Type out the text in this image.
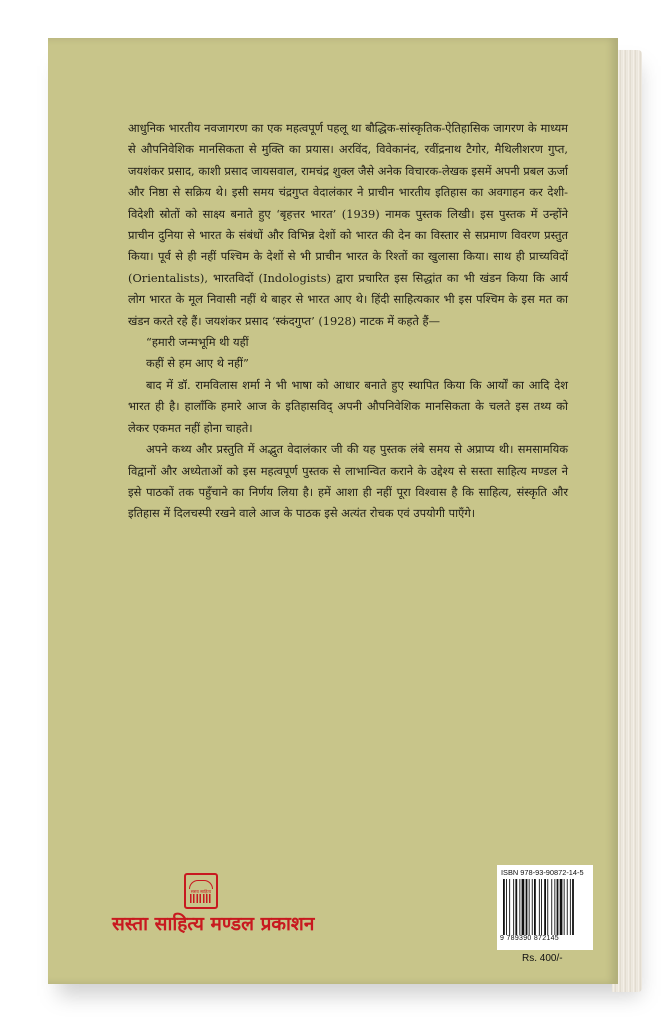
आधुनिक भारतीय नवजागरण का एक महत्वपूर्ण पहलू था बौद्धिक-सांस्कृतिक-ऐतिहासिक जागरण के माध्यम से औपनिवेशिक मानसिकता से मुक्ति का प्रयास। अरविंद, विवेकानंद, रवींद्रनाथ टैगोर, मैथिलीशरण गुप्त, जयशंकर प्रसाद, काशी प्रसाद जायसवाल, रामचंद्र शुक्ल जैसे अनेक विचारक-लेखक इसमें अपनी प्रबल ऊर्जा और निष्ठा से सक्रिय थे। इसी समय चंद्रगुप्त वेदालंकार ने प्राचीन भारतीय इतिहास का अवगाहन कर देशी-विदेशी स्रोतों को साक्ष्य बनाते हुए ‘बृहत्तर भारत’ (1939) नामक पुस्तक लिखी। इस पुस्तक में उन्होंने प्राचीन दुनिया से भारत के संबंधों और विभिन्न देशों को भारत की देन का विस्तार से सप्रमाण विवरण प्रस्तुत किया। पूर्व से ही नहीं पश्चिम के देशों से भी प्राचीन भारत के रिश्तों का खुलासा किया। साथ ही प्राच्यविदों (Orientalists), भारतविदों (Indologists) द्वारा प्रचारित इस सिद्धांत का भी खंडन किया कि आर्य लोग भारत के मूल निवासी नहीं थे बाहर से भारत आए थे। हिंदी साहित्यकार भी इस पश्चिम के इस मत का खंडन करते रहे हैं। जयशंकर प्रसाद ‘स्कंदगुप्त’ (1928) नाटक में कहते हैं—

“हमारी जन्मभूमि थी यहीं

कहीं से हम आए थे नहीं”

बाद में डॉ. रामविलास शर्मा ने भी भाषा को आधार बनाते हुए स्थापित किया कि आर्यों का आदि देश भारत ही है। हालाँकि हमारे आज के इतिहासविद् अपनी औपनिवेशिक मानसिकता के चलते इस तथ्य को लेकर एकमत नहीं होना चाहते।

अपने कथ्य और प्रस्तुति में अद्भुत वेदालंकार जी की यह पुस्तक लंबे समय से अप्राप्य थी। समसामयिक विद्वानों और अध्येताओं को इस महत्वपूर्ण पुस्तक से लाभान्वित कराने के उद्देश्य से सस्ता साहित्य मण्डल ने इसे पाठकों तक पहुँचाने का निर्णय लिया है। हमें आशा ही नहीं पूरा विश्वास है कि साहित्य, संस्कृति और इतिहास में दिलचस्पी रखने वाले आज के पाठक इसे अत्यंत रोचक एवं उपयोगी पाएँगे।

सस्ता साहित्य
सस्ता साहित्य मण्डल प्रकाशन
ISBN 978-93-90872-14-5
9 789390 872145
Rs. 400/-
